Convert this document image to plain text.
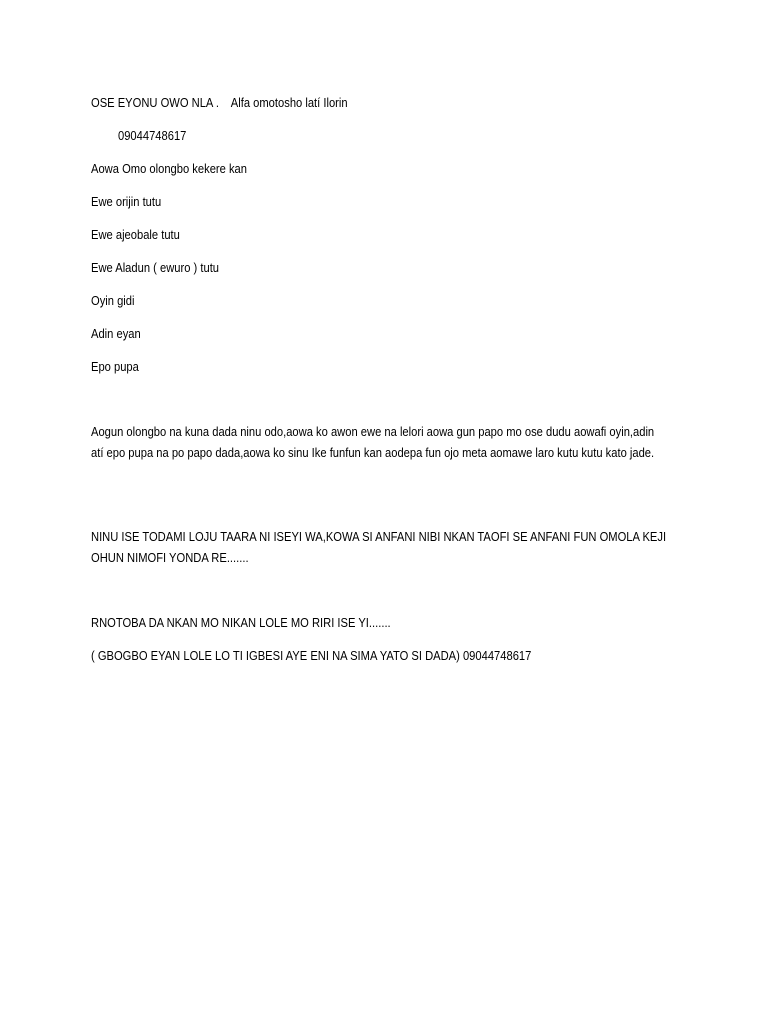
OSE EYONU OWO NLA .    Alfa omotosho latí Ilorin

09044748617

Aowa Omo olongbo kekere kan

Ewe orijin tutu

Ewe ajeobale tutu

Ewe Aladun ( ewuro ) tutu

Oyin gidi

Adin eyan

Epo pupa

Aogun olongbo na kuna dada ninu odo,aowa ko awon ewe na lelori aowa gun papo mo ose dudu aowafi oyin,adin atí epo pupa na po papo dada,aowa ko sinu Ike funfun kan aodepa fun ojo meta aomawe laro kutu kutu kato jade.

NINU ISE TODAMI LOJU TAARA NI ISEYI WA,KOWA SI ANFANI NIBI NKAN TAOFI SE ANFANI FUN OMOLA KEJI OHUN NIMOFI YONDA RE.......

RNOTOBA DA NKAN MO NIKAN LOLE MO RIRI ISE YI.......

( GBOGBO EYAN LOLE LO TI IGBESI AYE ENI NA SIMA YATO SI DADA) 09044748617
